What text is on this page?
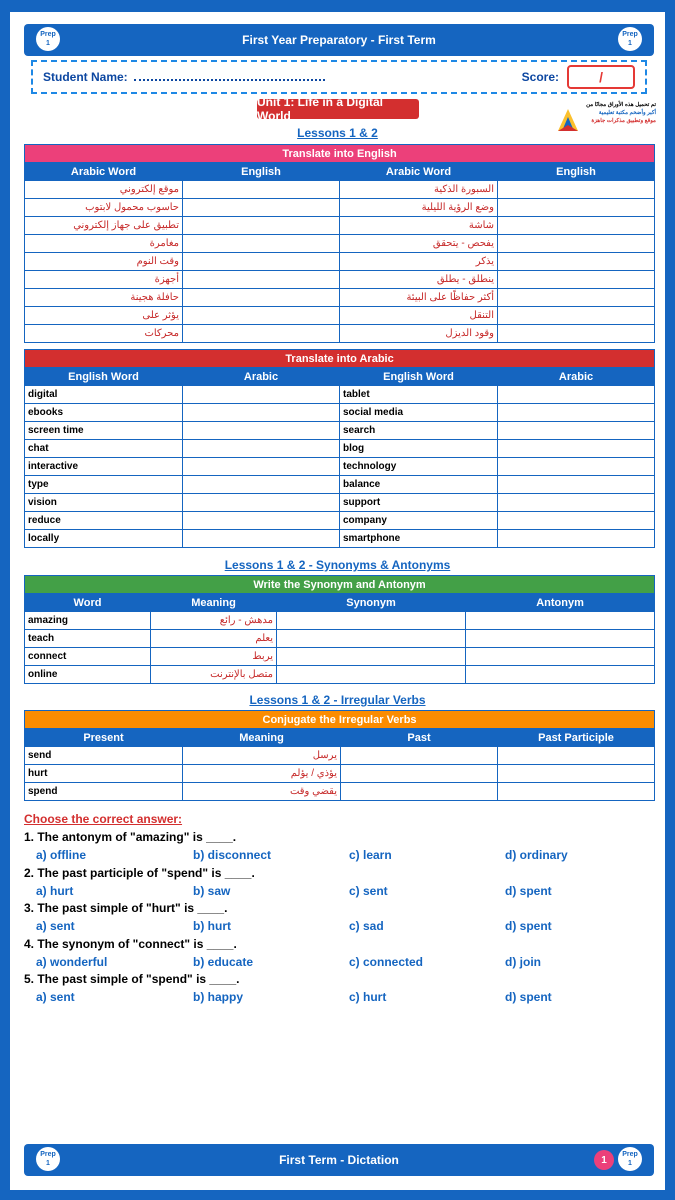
Prep
1	First Year Preparatory - First Term	Prep
1
Student Name:	Score:	/
Unit 1: Life in a Digital World
تم تحميل هذه الأوراق مجانًا من
أكبر وأضخم مكتبة تعليمية
موقع وتطبيق مذكرات جاهزة
Lessons 1 & 2
Translate into English			
Arabic Word	English	Arabic Word	English
موقع إلكتروني		السبورة الذكية	
حاسوب محمول لابتوب		وضع الرؤية الليلية	
تطبيق على جهاز إلكتروني		شاشة	
مغامرة		يفحص - يتحقق	
وقت النوم		يذكر	
أجهزة		ينطلق - يطلق	
حافلة هجينة		أكثر حفاظًا على البيئة	
يؤثر على		التنقل	
محركات		وقود الديزل	
Translate into Arabic			
English Word	Arabic	English Word	Arabic
digital		tablet	
ebooks		social media	
screen time		search	
chat		blog	
interactive		technology	
type		balance	
vision		support	
reduce		company	
locally		smartphone	
Lessons 1 & 2 - Synonyms & Antonyms
Write the Synonym and Antonym			
Word	Meaning	Synonym	Antonym
amazing	مدهش - رائع		
teach	يعلم		
connect	يربط		
online	متصل بالإنترنت		
Lessons 1 & 2 - Irregular Verbs
Conjugate the Irregular Verbs			
Present	Meaning	Past	Past Participle
send	يرسل		
hurt	يؤذي / يؤلم		
spend	يقضي وقت		
Choose the correct answer:
1. The antonym of "amazing" is ____.
a) offline	b) disconnect	c) learn	d) ordinary
2. The past participle of "spend" is ____.
a) hurt	b) saw	c) sent	d) spent
3. The past simple of "hurt" is ____.
a) sent	b) hurt	c) sad	d) spent
4. The synonym of "connect" is ____.
a) wonderful	b) educate	c) connected	d) join
5. The past simple of "spend" is ____.
a) sent	b) happy	c) hurt	d) spent
Prep
1	First Term - Dictation	1	Prep
1
